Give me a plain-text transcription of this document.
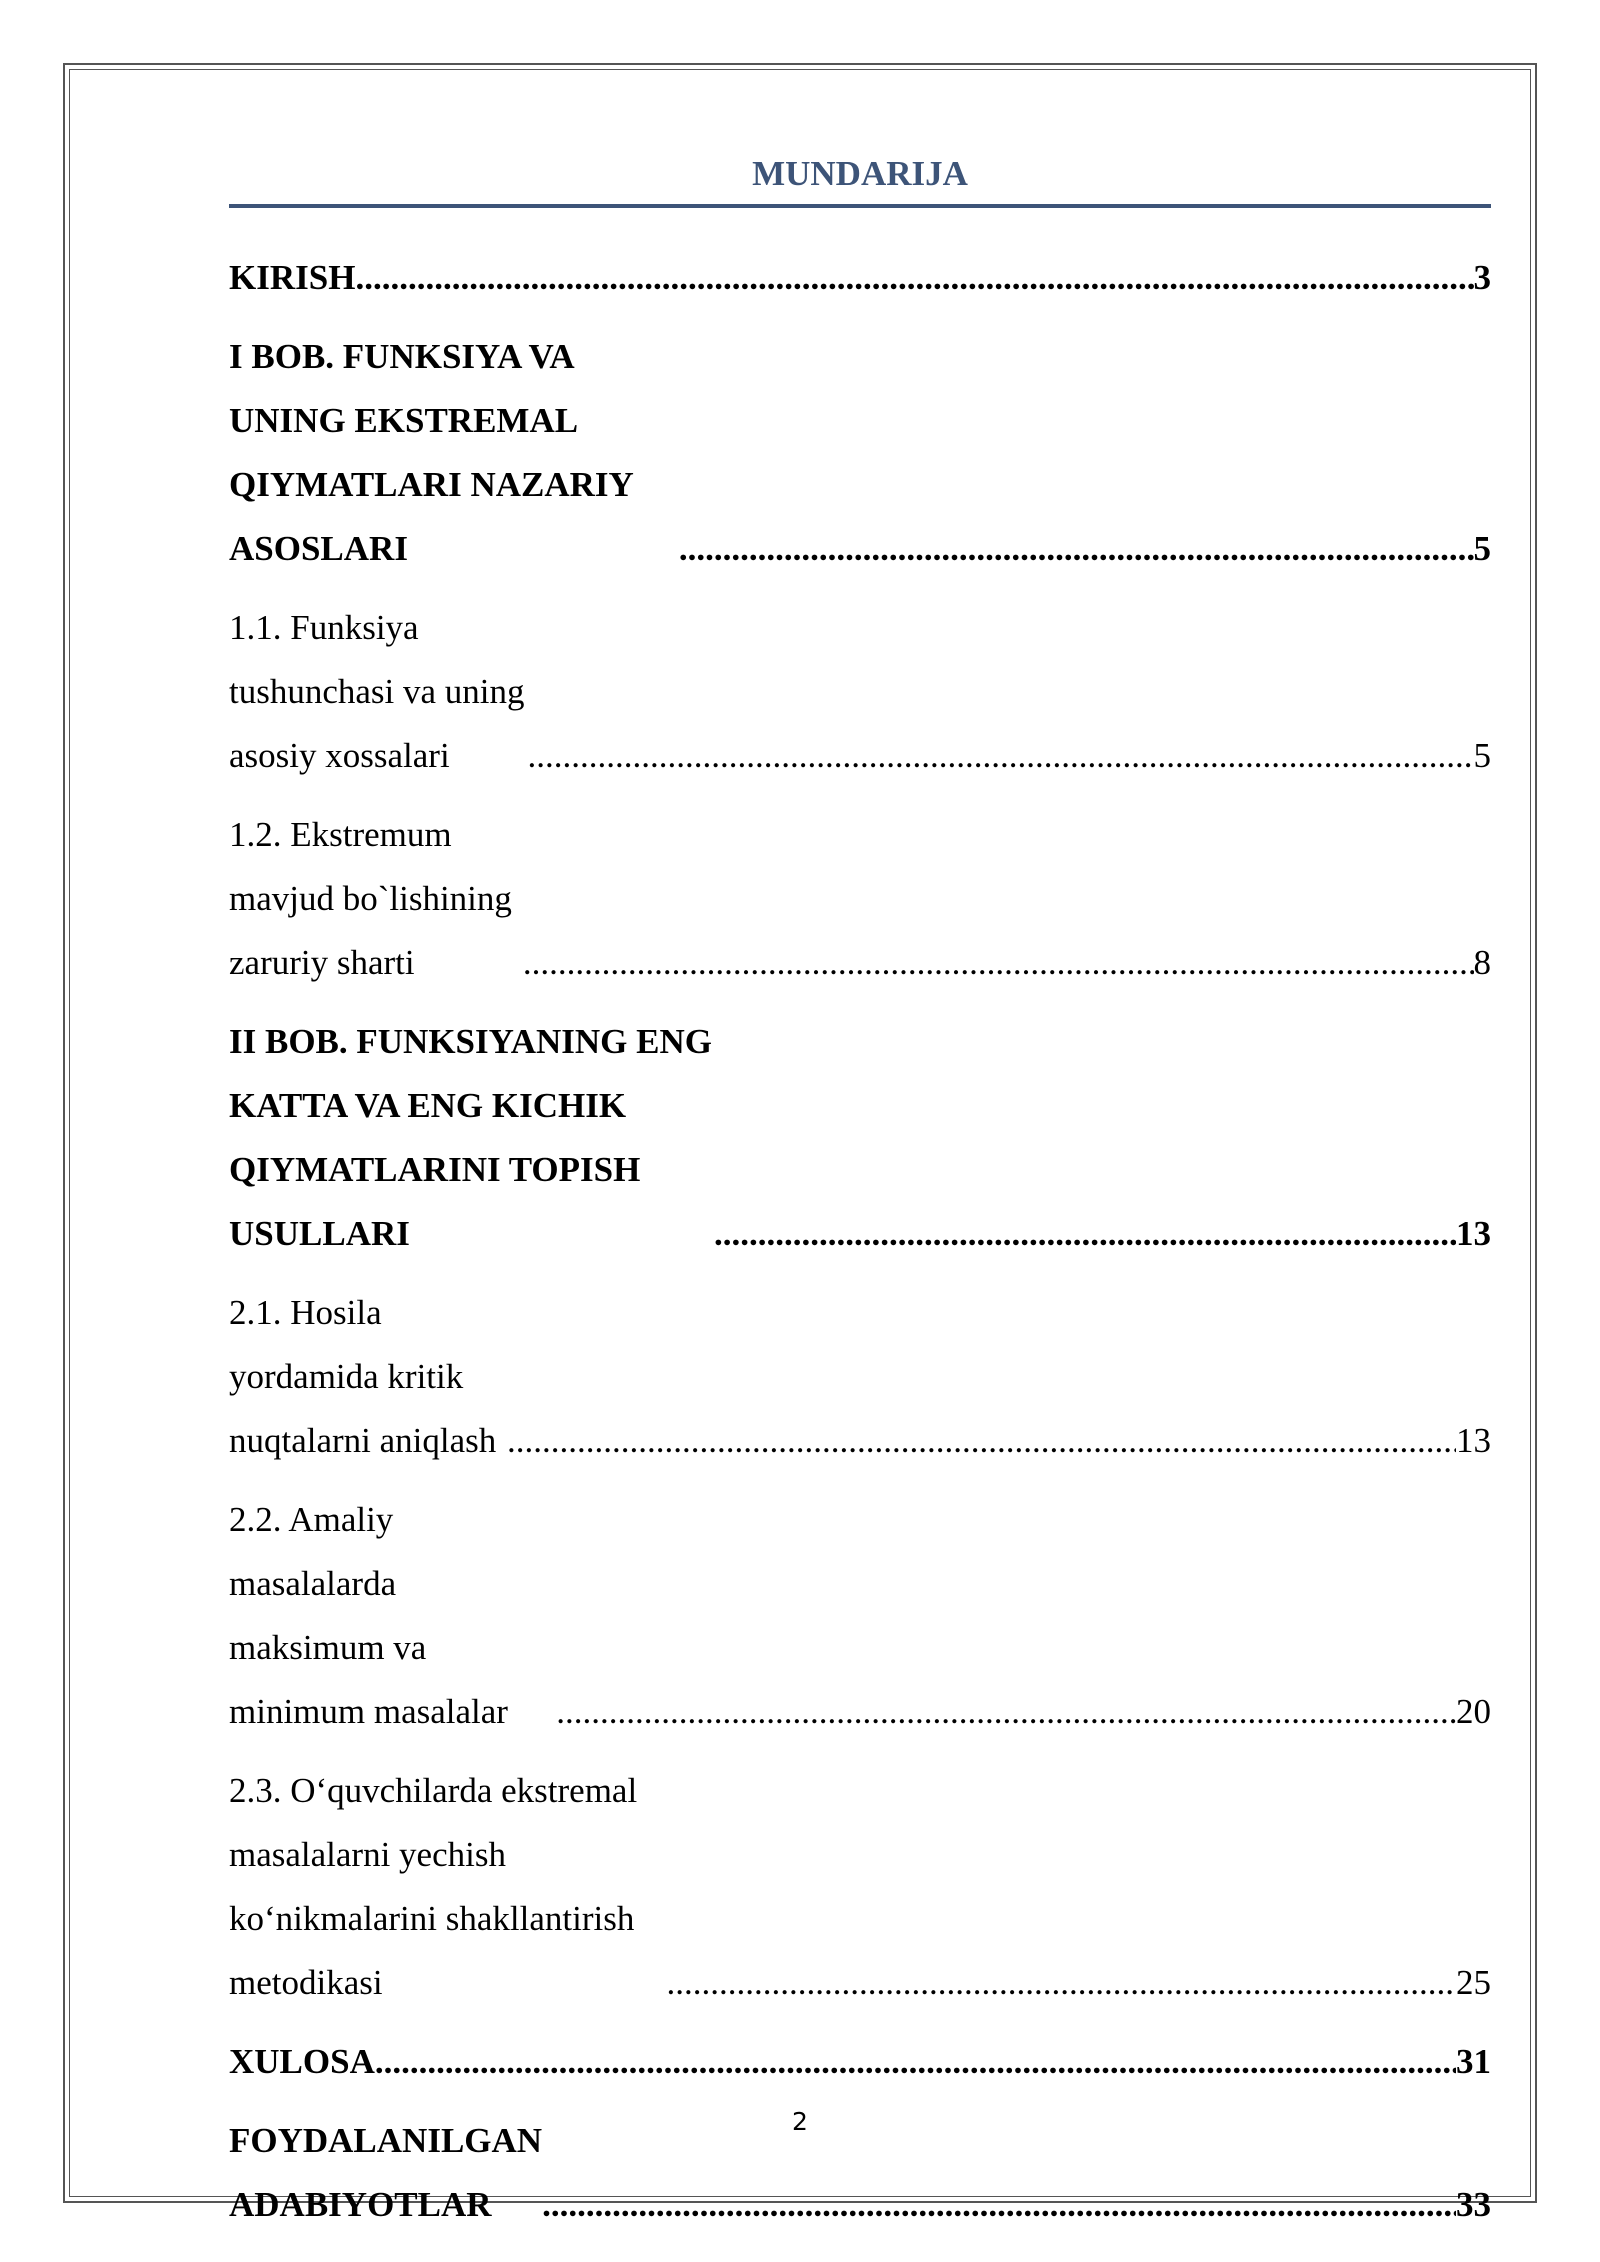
MUNDARIJA
KIRISH .....	3
I BOB. FUNKSIYA VA UNING EKSTREMAL QIYMATLARI NAZARIY ASOSLARI .....	5
1.1. Funksiya tushunchasi va uning asosiy xossalari .....	5
1.2. Ekstremum mavjud bo`lishining zaruriy sharti .....	8
II BOB. FUNKSIYANING ENG KATTA VA ENG KICHIK QIYMATLARINI TOPISH USULLARI .....	13
2.1. Hosila yordamida kritik nuqtalarni aniqlash .....	13
2.2. Amaliy masalalarda maksimum va minimum masalalar .....	20
2.3. O‘quvchilarda ekstremal masalalarni yechish ko‘nikmalarini shakllantirish metodikasi .....	25
XULOSA .....	31
FOYDALANILGAN ADABIYOTLAR .....	33
2
